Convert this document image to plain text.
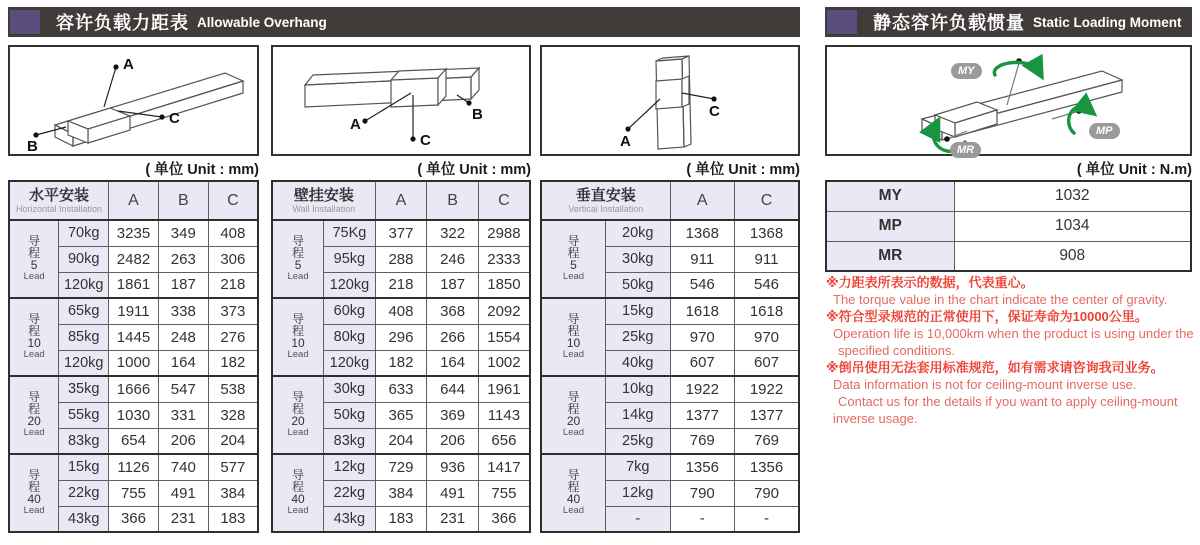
容许负载力距表 Allowable Overhang	静态容许负载惯量 Static Loading Moment
A
B
C	A
B
C	A
C
MY
MP
MR
( 单位 Unit : mm)	( 单位 Unit : mm)	( 单位 Unit : mm)	( 单位 Unit : N.m)
水平安装
Horizontal Installation		A	B	C

导
程
5
Lead	70kg	3235	349	408
	90kg	2482	263	306
	120kg	1861	187	218

导
程
10
Lead	65kg	1911	338	373
	85kg	1445	248	276
	120kg	1000	164	182

导
程
20
Lead	35kg	1666	547	538
	55kg	1030	331	328
	83kg	654	206	204

导
程
40
Lead	15kg	1126	740	577
	22kg	755	491	384
	43kg	366	231	183
壁挂安装
Wall Installation		A	B	C

导
程
5
Lead	75Kg	377	322	2988
	95kg	288	246	2333
	120kg	218	187	1850

导
程
10
Lead	60kg	408	368	2092
	80kg	296	266	1554
	120kg	182	164	1002

导
程
20
Lead	30kg	633	644	1961
	50kg	365	369	1143
	83kg	204	206	656

导
程
40
Lead	12kg	729	936	1417
	22kg	384	491	755
	43kg	183	231	366
垂直安装
Vertical Installation		A	C

导
程
5
Lead	20kg	1368	1368
	30kg	911	911
	50kg	546	546

导
程
10
Lead	15kg	1618	1618
	25kg	970	970
	40kg	607	607

导
程
20
Lead	10kg	1922	1922
	14kg	1377	1377
	25kg	769	769

导
程
40
Lead	7kg	1356	1356
	12kg	790	790
	-	-	-
MY	1032
MP	1034
MR	908
※力距表所表示的数据，代表重心。
The torque value in the chart indicate the center of gravity.
※符合型录规范的正常使用下，保证寿命为10000公里。
Operation life is 10,000km when the product is using under the
specified conditions.
※倒吊使用无法套用标准规范，如有需求请咨询我司业务。
Data information is not for ceiling-mount inverse use.
Contact us for the details if you want to apply ceiling-mount
inverse usage.
